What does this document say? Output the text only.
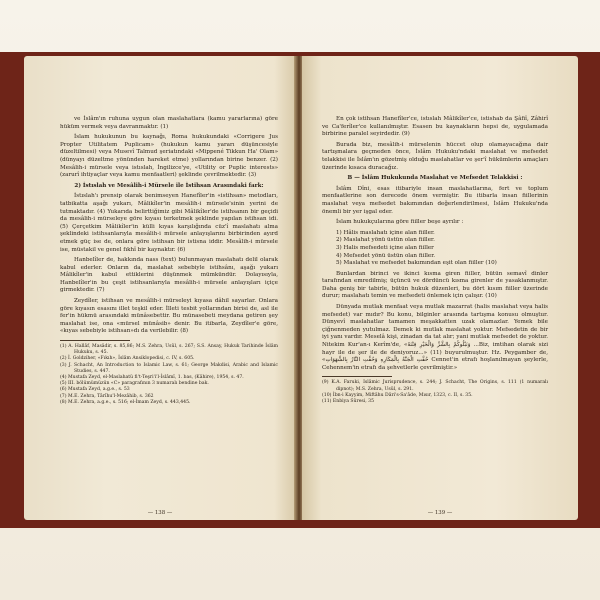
ve İslâm'ın ruhuna uygun olan maslahatlara (kamu yararlarına) göre hüküm vermek veya davranmaktır. (1)

İslam hukukunun bu kaynağı, Roma hukukundaki «Corrigere Jus Propter Utilitatem Puplicam» (hukukun kamu yararı düşüncesiyle düzeltilmesi) veya Musevî Talmud şeriatındaki «Mippené Tikkun Ha' Olam» (dünyayı düzeltme yönünden hareket etme) yollarından birine benzer. (2) Mesâlih-i mürsele veya istıslah, İngilizce'ye, «Utility or Puplic interests» (zarurî ihtiyaçlar veya kamu menfaatleri) şeklinde çevrilmektedir. (3)

2) İstıslah ve Mesâlih-i Mürsele ile İstihsan Arasındaki fark:

İstıslah'ı prensip olarak benimseyen Hanefîler'in «istihsan» metodları, tatbikatta aşağı yukarı, Mâlikîler'in mesâlih-i mürsele'sinin yerini de tutmaktadır. (4) Yukarıda belirttiğimiz gibi Mâlikîler'de istihsanın bir geçidi da mesâlih-i mürseleye göre kıyası terketmek şeklinde yapılan istihsan idi. (5) Çerçetkim Mâlikîler'in külli kıyas karşılığında cüz'î maslahatı alma şeklindeki istihsanlarıyla mesâlih-i mürsele anlayışlarını birbirinden ayırd etmek güç ise de, onlara göre istihsan bir istisna iddir. Mesâlih-i mürsele ise, müstakil ve genel fıkhî bir kaynaktır. (6)

Hanbelîler de, hakkında nass (text) bulunmayan maslahatı delil olarak kabul ederler. Onların da, maslahat sebebiyle istihsânı, aşağı yukarı Mâlikîler'in kabul ettiklerini düşünmek mümkündür. Dolayısıyla, Hanbelîler'in bu çeşit istihsanlarıyla mesâlih-i mürsele anlayışları içiçe girmektedir. (7)

Zeydîler, istihsan ve mesâlih-i mürseleyi kıyasa dâhil sayarlar. Onlara göre kıyasın esasını illet teşkil eder. İlleti tesbit yollarından birisi de, asl ile fer'in hükmü arasındaki münâsebettir. Bu münasebeti meydana getiren şey maslahat ise, ona «mürsel münâsib» denir. Bu itibarla, Zeydîler'e göre, «kıyas sebebiyle istihsan»dı da verilebilir. (8)

(1) A. Hallâf, Masâdir, s. 85,86; M.S. Zehra, Usûl, s. 267; S.S. Ansay, Hukuk Tarihinde İslâm Hukuku, s. 45.

(2) İ. Goldziher, «Fıkıh», İslâm Ansiklopedisi, c. IV, s. 605.

(3) J. Schacht, An Introduction to Islamic Law, s. 61; George Makdisi, Arabic and Islamic Studies, s. 447.

(4) Mustafa Zeyd, el-Maslahatü fi't-Teşri'i'l-İslâmî, 1. bas, (Kâhire), 1954, s. 47.

(5) III. bölümümüzün «C» paragrafının 3 numaralı bendine bak.

(6) Mustafa Zeyd, a.g.e., s. 53

(7) M.E. Zehra, Târîhu'l-Mezâhib, s. 362

(8) M.E. Zehra, a.g.e., s. 516; el-İmam Zeyd, s. 443,445.

— 138 —

En çok istihsan Hanefîler'ce, istıslah Mâlikîler'ce, istishab da Şâfiî, Zâhirî ve Ca'ferîler'ce kullanılmıştır. Esasen bu kaynakların hepsi de, uygulamada birbirine paralel seyirdedir. (9)

Burada biz, mesâlih-i mürselenin hüccet olup olamayacağına dair tartışmalara geçmeden önce, İslâm Hukuku'ndaki maslahat ve mefsedet telakkisi ile İslâm'ın gözetmiş olduğu maslahatlar ve şer'î hükümlerin amaçları üzerinde kısaca duracağız.

B — İslâm Hukukunda Maslahat ve Mefsedet Telakkisi :

İslâm Dîni, esas itibariyle insan maslahatlarına, fert ve toplum menfaatlerine son derecede önem vermiştir. Bu itibarla insan fiillerinin maslahat veya mefsedet bakımından değerlendirilmesi, İslâm Hukuku'nda önemli bir yer işgal eder.

İslam hukukçularına göre fiiller beşe ayrılır :

1) Hâlis maslahatı içine alan fiiller.
2) Maslahat yönü üstün olan fiiller.
3) Halis mefsedeti içine alan fiiller
4) Mefsedet yönü üstün olan fiiller.
5) Maslahat ve mefsedet bakımından eşit olan fiiller (10)

Bunlardan birinci ve ikinci kısma giren fiiller, bütün semavî dinler tarafından emredilmiş; üçüncü ve dördüncü kısma girenler de yasaklanmıştır. Daha geniş bir tabirle, bütün hukuk düzenleri, bu dört kısım fiiller üzerinde durur; maslahatı temin ve mefsedeti önlemek için çalışır. (10)

Dünyada mutlak menfaat veya mutlak mazarrat (halis maslahat veya halis mefsedet) var mıdır? Bu konu, bilginler arasında tartışma konusu olmuştur. Dünyevî maslahatlar tamamen meşakkatten uzak olamazlar. Yemek bile çiğnenmeden yutulmaz. Demek ki mutlak maslahat yoktur. Mefsedetin de bir iyi yanı vardır. Meselâ kişi, zinadan da tat alır; yani mutlak mefsedet de yoktur. Nitekim Kur'an-ı Kerîm'de, «وَنَبْلُوكُمْ بِالشَّرِّ وَالْخَيْرِ فِتْنَةً ...Biz, imtihan olarak sizi hayr ile de şer ile de deniyoruz...» (11) buyurulmuştur. Hz. Peygamber de, «حُفَّتِ الْجَنَّةُ بِالْمَكَارِهِ وَحُفَّتِ النَّارُ بِالشَّهَوَاتِ Cennet'in etrafı hoşlanılmayan şeylerle, Cehennem'in etrafı da şehvetlerle çevrilmiştir.»

(9) K.A. Faruki, Islâmic Jurisprudence, s. 244; J. Schacht, The Origins, s. 111 (1 numaralı dipnot); M.S. Zehra, Usûl, s. 291.

(10) İbn-i Kayyim, Miftâhu Dâri's-Sa'âde, Mısır, 1323, c. II, s. 35.

(11) Enbiya Sûresi, 35

— 139 —
